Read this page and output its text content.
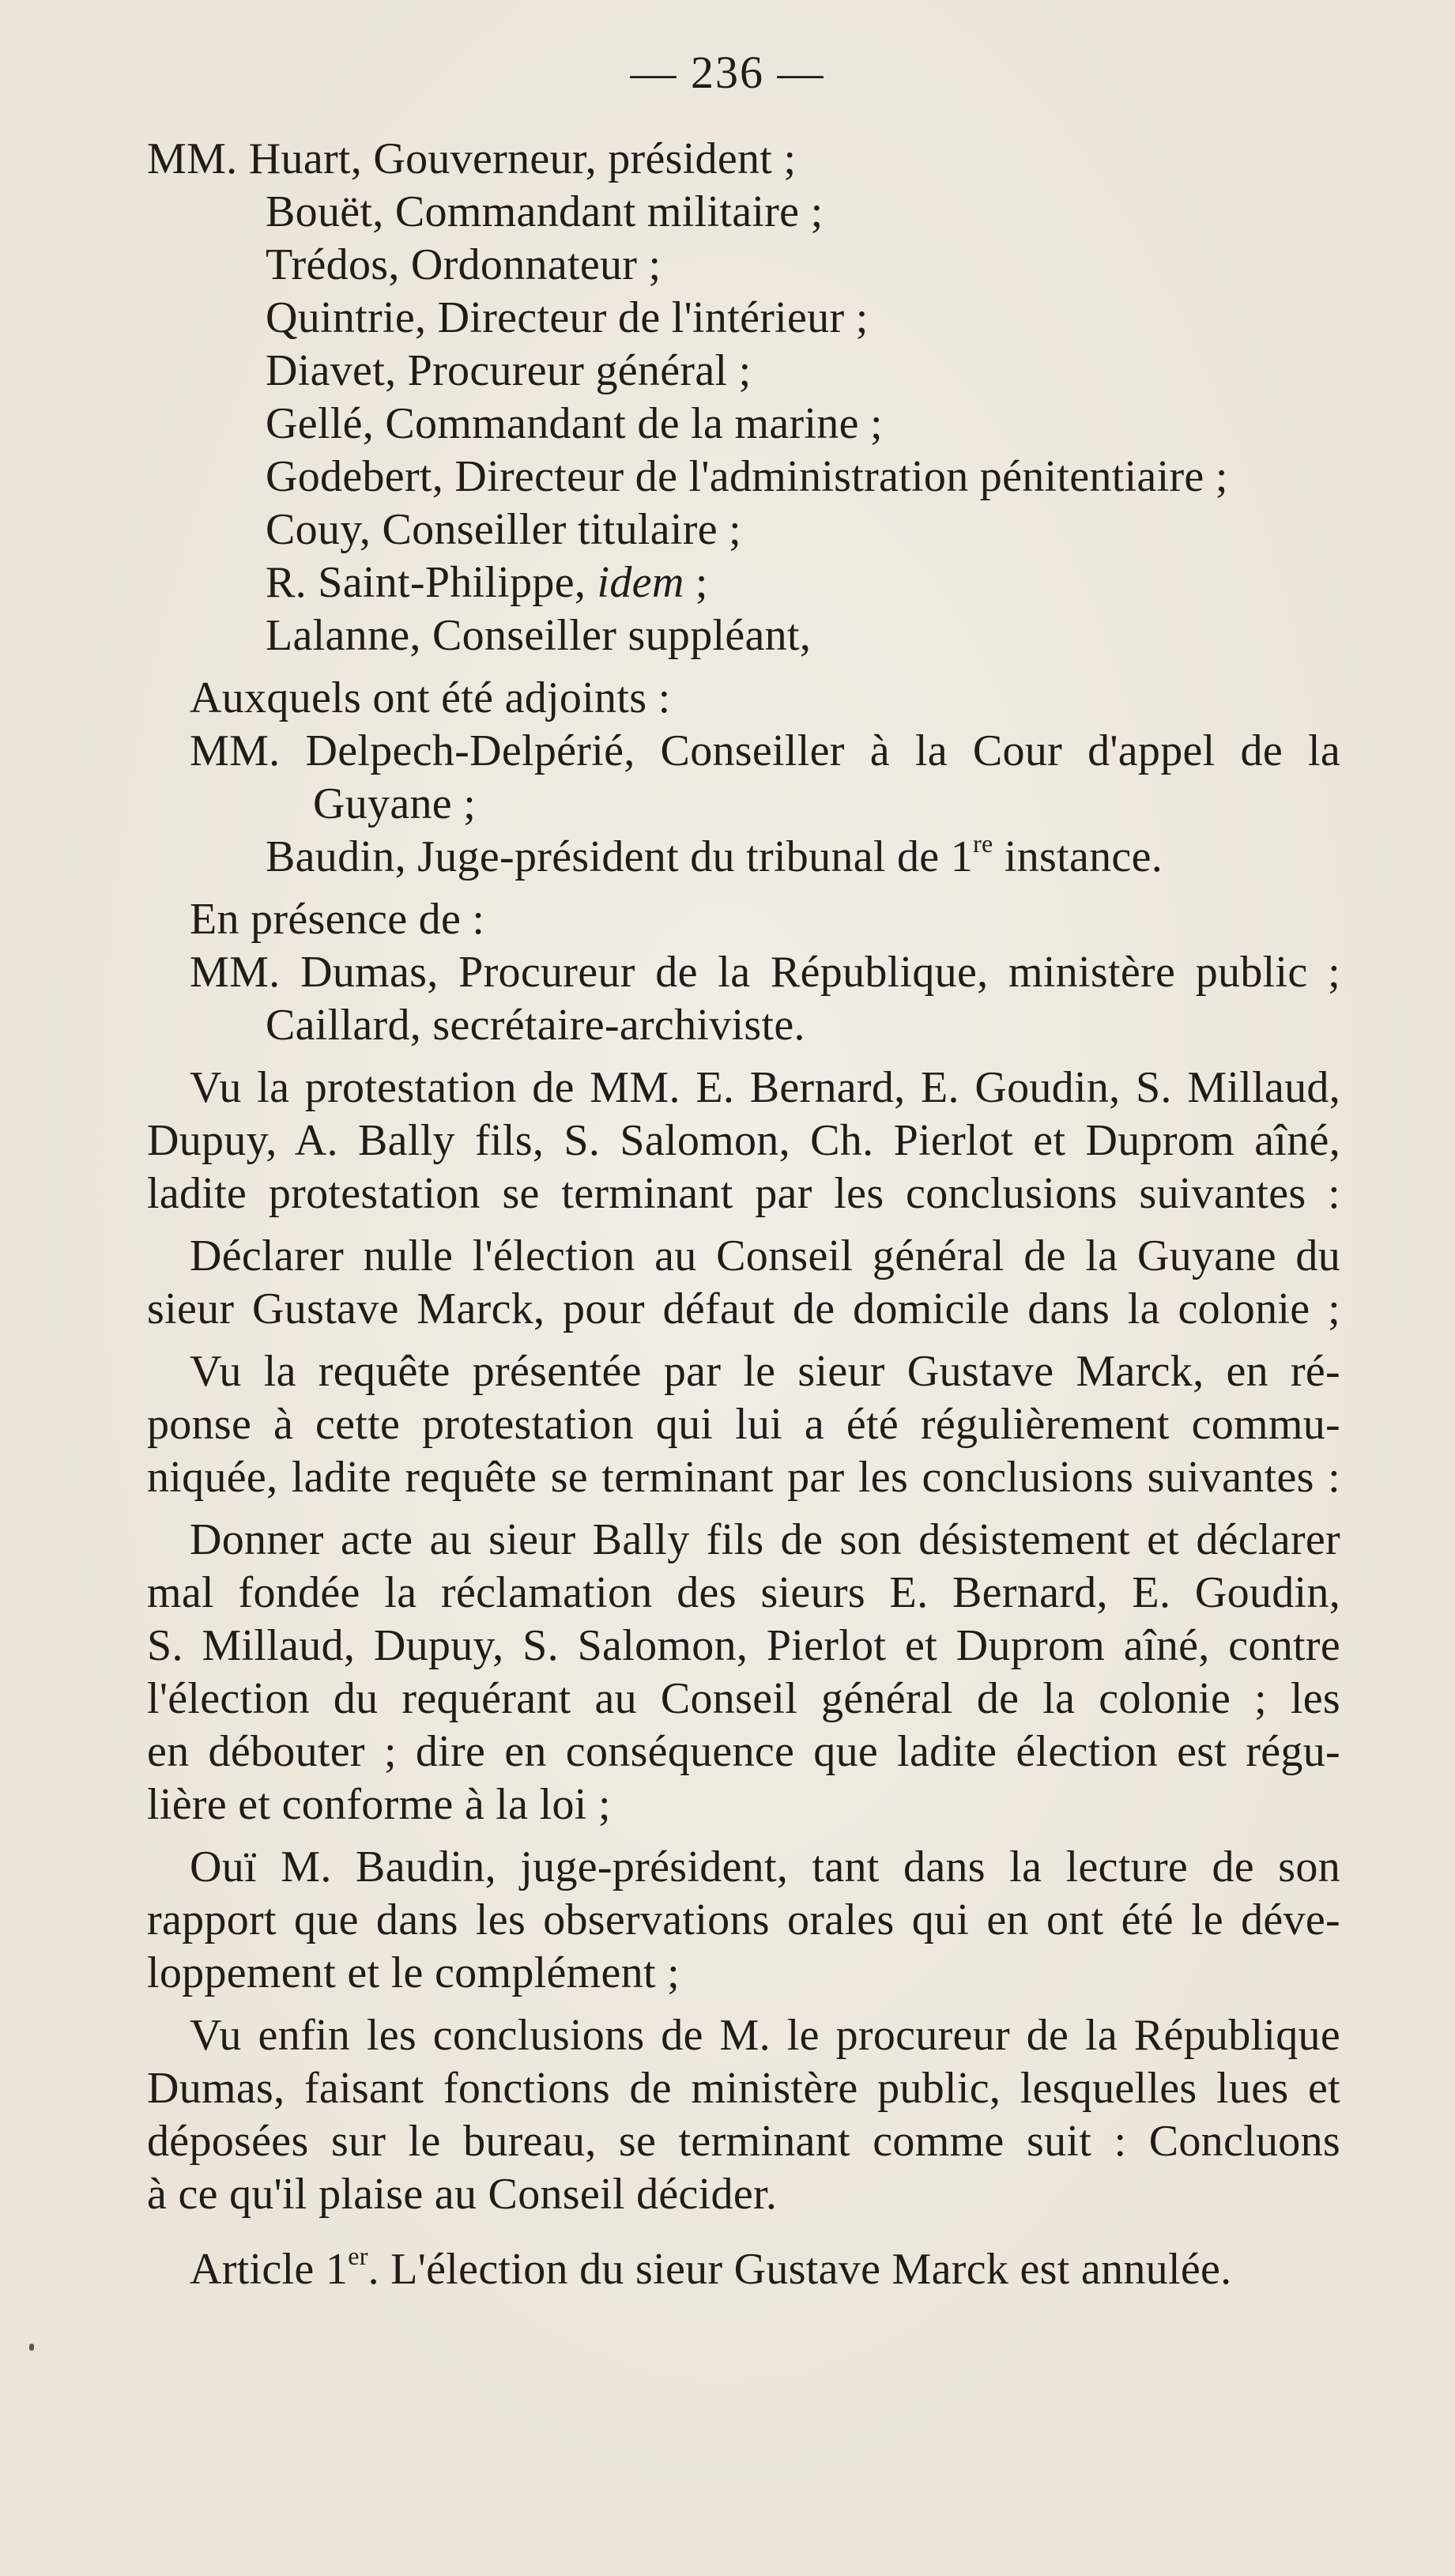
— 236 —
MM. Huart, Gouverneur, président ;
Bouët, Commandant militaire ;
Trédos, Ordonnateur ;
Quintrie, Directeur de l'intérieur ;
Diavet, Procureur général ;
Gellé, Commandant de la marine ;
Godebert, Directeur de l'administration pénitentiaire ;
Couy, Conseiller titulaire ;
R. Saint-Philippe, idem ;
Lalanne, Conseiller suppléant,
Auxquels ont été adjoints :
MM. Delpech-Delpérié, Conseiller à la Cour d'appel de la
Guyane ;
Baudin, Juge-président du tribunal de 1re instance.
En présence de :
MM. Dumas, Procureur de la République, ministère public ;
Caillard, secrétaire-archiviste.
Vu la protestation de MM. E. Bernard, E. Goudin, S. Millaud,
Dupuy, A. Bally fils, S. Salomon, Ch. Pierlot et Duprom aîné,
ladite protestation se terminant par les conclusions suivantes :
Déclarer nulle l'élection au Conseil général de la Guyane du
sieur Gustave Marck, pour défaut de domicile dans la colonie ;
Vu la requête présentée par le sieur Gustave Marck, en ré-
ponse à cette protestation qui lui a été régulièrement commu-
niquée, ladite requête se terminant par les conclusions suivantes :
Donner acte au sieur Bally fils de son désistement et déclarer
mal fondée la réclamation des sieurs E. Bernard, E. Goudin,
S. Millaud, Dupuy, S. Salomon, Pierlot et Duprom aîné, contre
l'élection du requérant au Conseil général de la colonie ; les
en débouter ; dire en conséquence que ladite élection est régu-
lière et conforme à la loi ;
Ouï M. Baudin, juge-président, tant dans la lecture de son
rapport que dans les observations orales qui en ont été le déve-
loppement et le complément ;
Vu enfin les conclusions de M. le procureur de la République
Dumas, faisant fonctions de ministère public, lesquelles lues et
déposées sur le bureau, se terminant comme suit : Concluons
à ce qu'il plaise au Conseil décider.
Article 1er. L'élection du sieur Gustave Marck est annulée.
